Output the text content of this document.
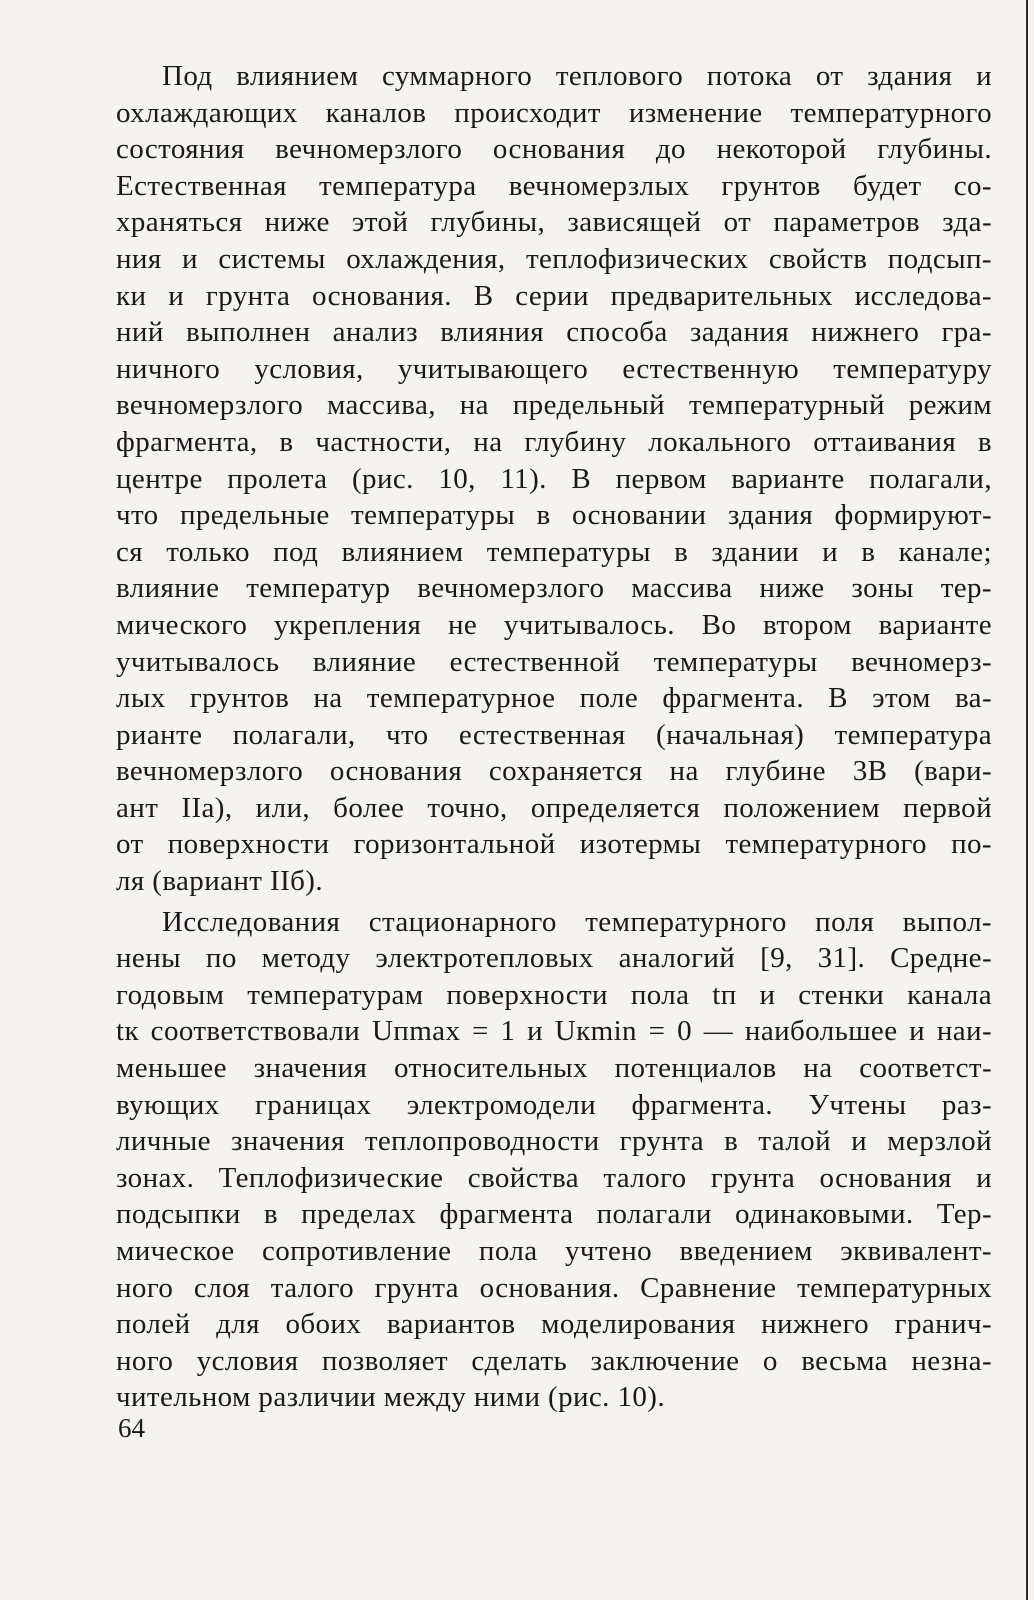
Под влиянием суммарного теплового потока от здания и
охлаждающих каналов происходит изменение температурного
состояния вечномерзлого основания до некоторой глубины.
Естественная температура вечномерзлых грунтов будет со-
храняться ниже этой глубины, зависящей от параметров зда-
ния и системы охлаждения, теплофизических свойств подсып-
ки и грунта основания. В серии предварительных исследова-
ний выполнен анализ влияния способа задания нижнего гра-
ничного условия, учитывающего естественную температуру
вечномерзлого массива, на предельный температурный режим
фрагмента, в частности, на глубину локального оттаивания в
центре пролета (рис. 10, 11). В первом варианте полагали,
что предельные температуры в основании здания формируют-
ся только под влиянием температуры в здании и в канале;
влияние температур вечномерзлого массива ниже зоны тер-
мического укрепления не учитывалось. Во втором варианте
учитывалось влияние естественной температуры вечномерз-
лых грунтов на температурное поле фрагмента. В этом ва-
рианте полагали, что естественная (начальная) температура
вечномерзлого основания сохраняется на глубине 3B (вари-
ант IIа), или, более точно, определяется положением первой
от поверхности горизонтальной изотермы температурного по-
ля (вариант IIб).
Исследования стационарного температурного поля выпол-
нены по методу электротепловых аналогий [9, 31]. Средне-
годовым температурам поверхности пола tп и стенки канала
tк соответствовали Uпmax = 1 и Uкmin = 0 — наибольшее и наи-
меньшее значения относительных потенциалов на соответст-
вующих границах электромодели фрагмента. Учтены раз-
личные значения теплопроводности грунта в талой и мерзлой
зонах. Теплофизические свойства талого грунта основания и
подсыпки в пределах фрагмента полагали одинаковыми. Тер-
мическое сопротивление пола учтено введением эквивалент-
ного слоя талого грунта основания. Сравнение температурных
полей для обоих вариантов моделирования нижнего гранич-
ного условия позволяет сделать заключение о весьма незна-
чительном различии между ними (рис. 10).
64
